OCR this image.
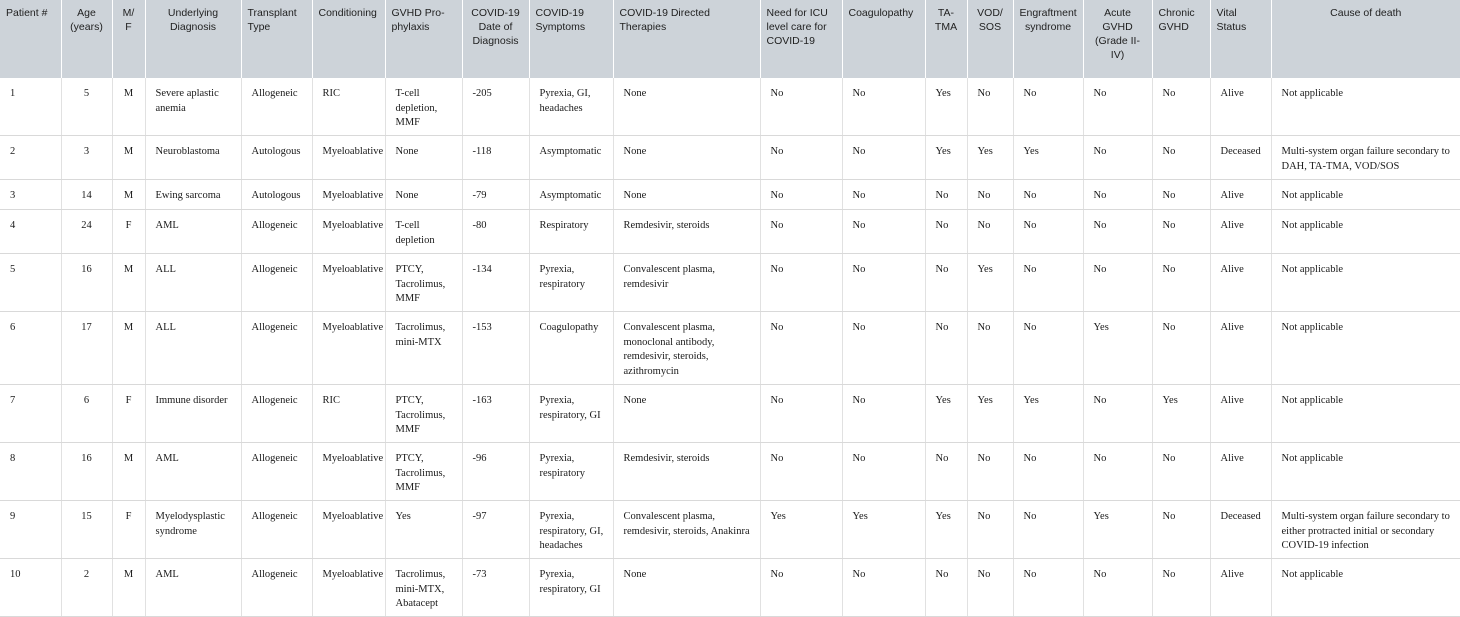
Patient #	Age (years)	M/ F	Underlying Diagnosis	Transplant Type	Conditioning	GVHD Pro-phylaxis	COVID-19 Date of Diagnosis	COVID-19 Symptoms	COVID-19 Directed Therapies	Need for ICU level care for COVID-19	Coagulopathy	TA-TMA	VOD/ SOS	Engraftment syndrome	Acute GVHD (Grade II-IV)	Chronic GVHD	Vital Status	Cause of death
1	5	M	Severe aplastic anemia	Allogeneic	RIC	T-cell depletion, MMF	-205	Pyrexia, GI, headaches	None	No	No	Yes	No	No	No	No	Alive	Not applicable
2	3	M	Neuroblastoma	Autologous	Myeloablative	None	-118	Asymptomatic	None	No	No	Yes	Yes	Yes	No	No	Deceased	Multi-system organ failure secondary to DAH, TA-TMA, VOD/SOS
3	14	M	Ewing sarcoma	Autologous	Myeloablative	None	-79	Asymptomatic	None	No	No	No	No	No	No	No	Alive	Not applicable
4	24	F	AML	Allogeneic	Myeloablative	T-cell depletion	-80	Respiratory	Remdesivir, steroids	No	No	No	No	No	No	No	Alive	Not applicable
5	16	M	ALL	Allogeneic	Myeloablative	PTCY, Tacrolimus, MMF	-134	Pyrexia, respiratory	Convalescent plasma, remdesivir	No	No	No	Yes	No	No	No	Alive	Not applicable
6	17	M	ALL	Allogeneic	Myeloablative	Tacrolimus, mini-MTX	-153	Coagulopathy	Convalescent plasma, monoclonal antibody, remdesivir, steroids, azithromycin	No	No	No	No	No	Yes	No	Alive	Not applicable
7	6	F	Immune disorder	Allogeneic	RIC	PTCY, Tacrolimus, MMF	-163	Pyrexia, respiratory, GI	None	No	No	Yes	Yes	Yes	No	Yes	Alive	Not applicable
8	16	M	AML	Allogeneic	Myeloablative	PTCY, Tacrolimus, MMF	-96	Pyrexia, respiratory	Remdesivir, steroids	No	No	No	No	No	No	No	Alive	Not applicable
9	15	F	Myelodysplastic syndrome	Allogeneic	Myeloablative	Yes	-97	Pyrexia, respiratory, GI, headaches	Convalescent plasma, remdesivir, steroids, Anakinra	Yes	Yes	Yes	No	No	Yes	No	Deceased	Multi-system organ failure secondary to either protracted initial or secondary COVID-19 infection
10	2	M	AML	Allogeneic	Myeloablative	Tacrolimus, mini-MTX, Abatacept	-73	Pyrexia, respiratory, GI	None	No	No	No	No	No	No	No	Alive	Not applicable
